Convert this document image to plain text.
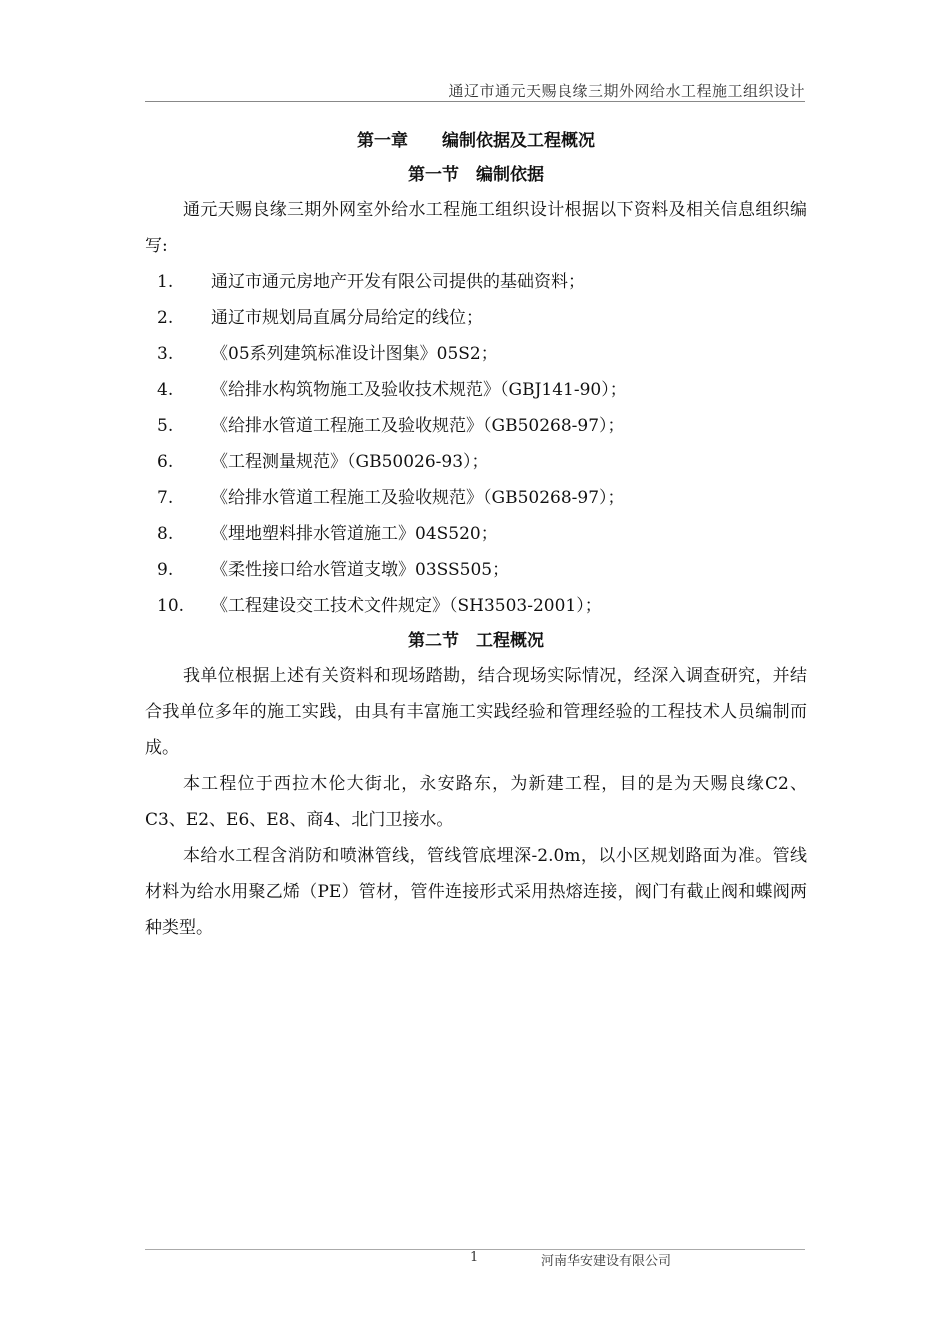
通辽市通元天赐良缘三期外网给水工程施工组织设计
第一章　　编制依据及工程概况
第一节　编制依据

通元天赐良缘三期外网室外给水工程施工组织设计根据以下资料及相关信息组织编写:

1.	通辽市通元房地产开发有限公司提供的基础资料；
2.	通辽市规划局直属分局给定的线位；
3.	《05系列建筑标准设计图集》05S2；
4.	《给排水构筑物施工及验收技术规范》（GBJ141-90）；
5.	《给排水管道工程施工及验收规范》（GB50268-97）；
6.	《工程测量规范》（GB50026-93）；
7.	《给排水管道工程施工及验收规范》（GB50268-97）；
8.	《埋地塑料排水管道施工》04S520；
9.	《柔性接口给水管道支墩》03SS505；
10.	《工程建设交工技术文件规定》（SH3503-2001）；
第二节　工程概况

我单位根据上述有关资料和现场踏勘，结合现场实际情况，经深入调查研究，并结合我单位多年的施工实践，由具有丰富施工实践经验和管理经验的工程技术人员编制而成。

本工程位于西拉木伦大街北，永安路东，为新建工程，目的是为天赐良缘C2、C3、E2、E6、E8、商4、北门卫接水。

本给水工程含消防和喷淋管线，管线管底埋深-2.0m，以小区规划路面为准。管线材料为给水用聚乙烯（PE）管材，管件连接形式采用热熔连接，阀门有截止阀和蝶阀两种类型。

1	河南华安建设有限公司
